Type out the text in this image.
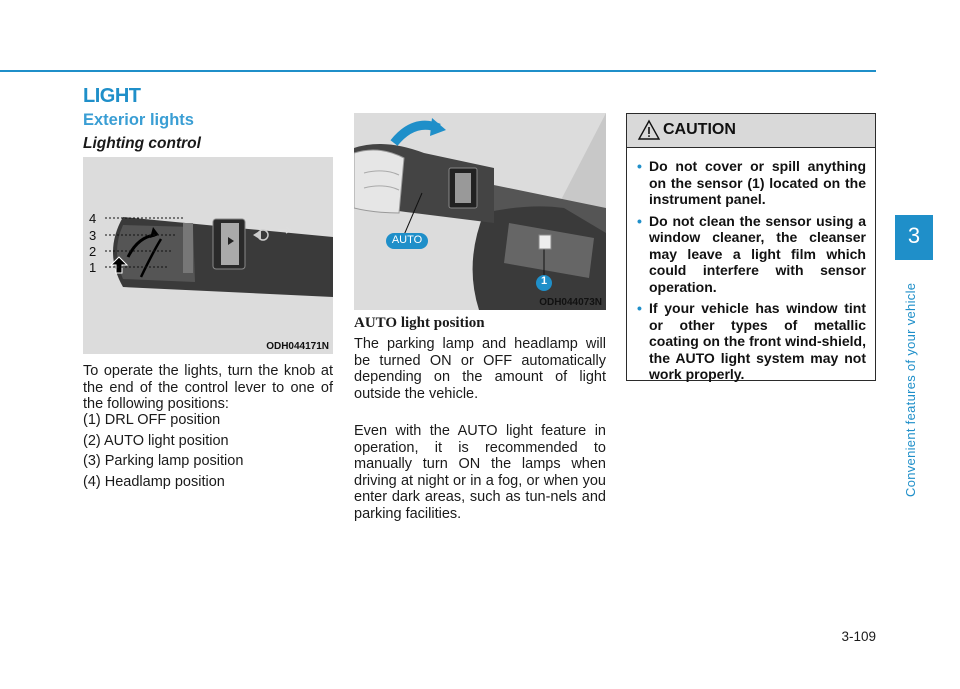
LIGHT
Exterior lights
Lighting control
4
3
2
1
ODH044171N
To operate the lights, turn the knob at the end of the control lever to one of the following positions:
(1) DRL OFF position
(2) AUTO light position
(3) Parking lamp position
(4) Headlamp position
AUTO
1
ODH044073N
AUTO light position
The parking lamp and headlamp will be turned ON or OFF automatically depending on the amount of light outside the vehicle.
Even with the AUTO light feature in operation, it is recommended to manually turn ON the lamps when driving at night or in a fog, or when you enter dark areas, such as tun-nels and parking facilities.
CAUTION
• Do not cover or spill anything on the sensor (1) located on the instrument panel.
• Do not clean the sensor using a window cleaner, the cleanser may leave a light film which could interfere with sensor operation.
• If your vehicle has window tint or other types of metallic coating on the front wind-shield, the AUTO light system may not work properly.
3
Convenient features of your vehicle
3-109
